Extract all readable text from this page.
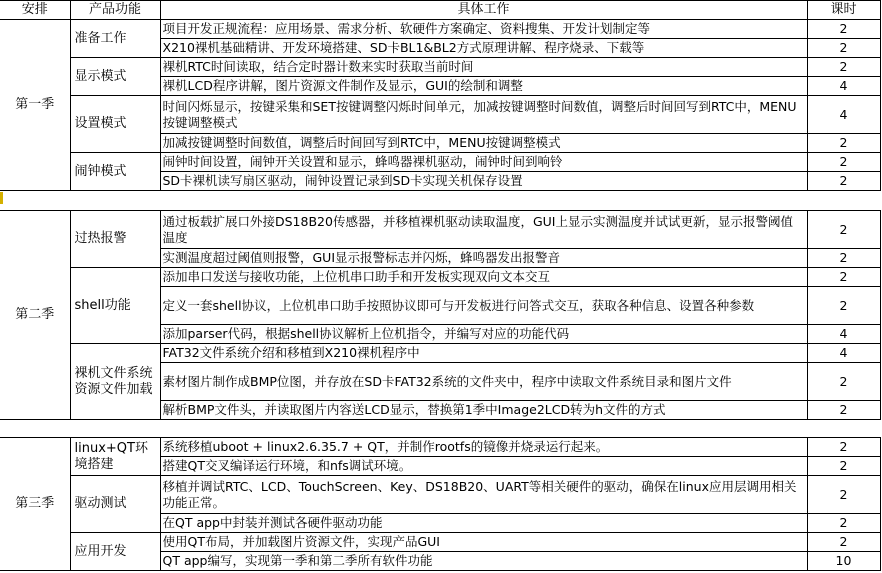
安排	产品功能	具体工作	课时
第一季	准备工作	项目开发正规流程：应用场景、需求分析、软硬件方案确定、资料搜集、开发计划制定等	2
		X210裸机基础精讲、开发环境搭建、SD卡BL1&BL2方式原理讲解、程序烧录、下载等	2
	显示模式	裸机RTC时间读取，结合定时器计数来实时获取当前时间	2
		裸机LCD程序讲解，图片资源文件制作及显示，GUI的绘制和调整	4
	设置模式	时间闪烁显示，按键采集和SET按键调整闪烁时间单元，加减按键调整时间数值，调整后时间回写到RTC中，MENU按键调整模式	4
		加减按键调整时间数值，调整后时间回写到RTC中，MENU按键调整模式	2
	闹钟模式	闹钟时间设置，闹钟开关设置和显示，蜂鸣器裸机驱动，闹钟时间到响铃	2
		SD卡裸机读写扇区驱动，闹钟设置记录到SD卡实现关机保存设置	2
第二季	过热报警	通过板载扩展口外接DS18B20传感器，并移植裸机驱动读取温度，GUI上显示实测温度并试试更新，显示报警阈值温度	2
		实测温度超过阈值则报警，GUI显示报警标志并闪烁，蜂鸣器发出报警音	2
	shell功能	添加串口发送与接收功能，上位机串口助手和开发板实现双向文本交互	2
		定义一套shell协议，上位机串口助手按照协议即可与开发板进行问答式交互，获取各种信息、设置各种参数	2
		添加parser代码，根据shell协议解析上位机指令，并编写对应的功能代码	4
	裸机文件系统资源文件加载	FAT32文件系统介绍和移植到X210裸机程序中	4
		素材图片制作成BMP位图，并存放在SD卡FAT32系统的文件夹中，程序中读取文件系统目录和图片文件	2
		解析BMP文件头，并读取图片内容送LCD显示，替换第1季中Image2LCD转为h文件的方式	2
第三季	linux+QT环境搭建	系统移植uboot + linux2.6.35.7 + QT，并制作rootfs的镜像并烧录运行起来。	2
		搭建QT交叉编译运行环境，和nfs调试环境。	2
	驱动测试	移植并调试RTC、LCD、TouchScreen、Key、DS18B20、UART等相关硬件的驱动，确保在linux应用层调用相关功能正常。	2
		在QT app中封装并测试各硬件驱动功能	2
	应用开发	使用QT布局，并加载图片资源文件，实现产品GUI	2
		QT app编写，实现第一季和第二季所有软件功能	10
